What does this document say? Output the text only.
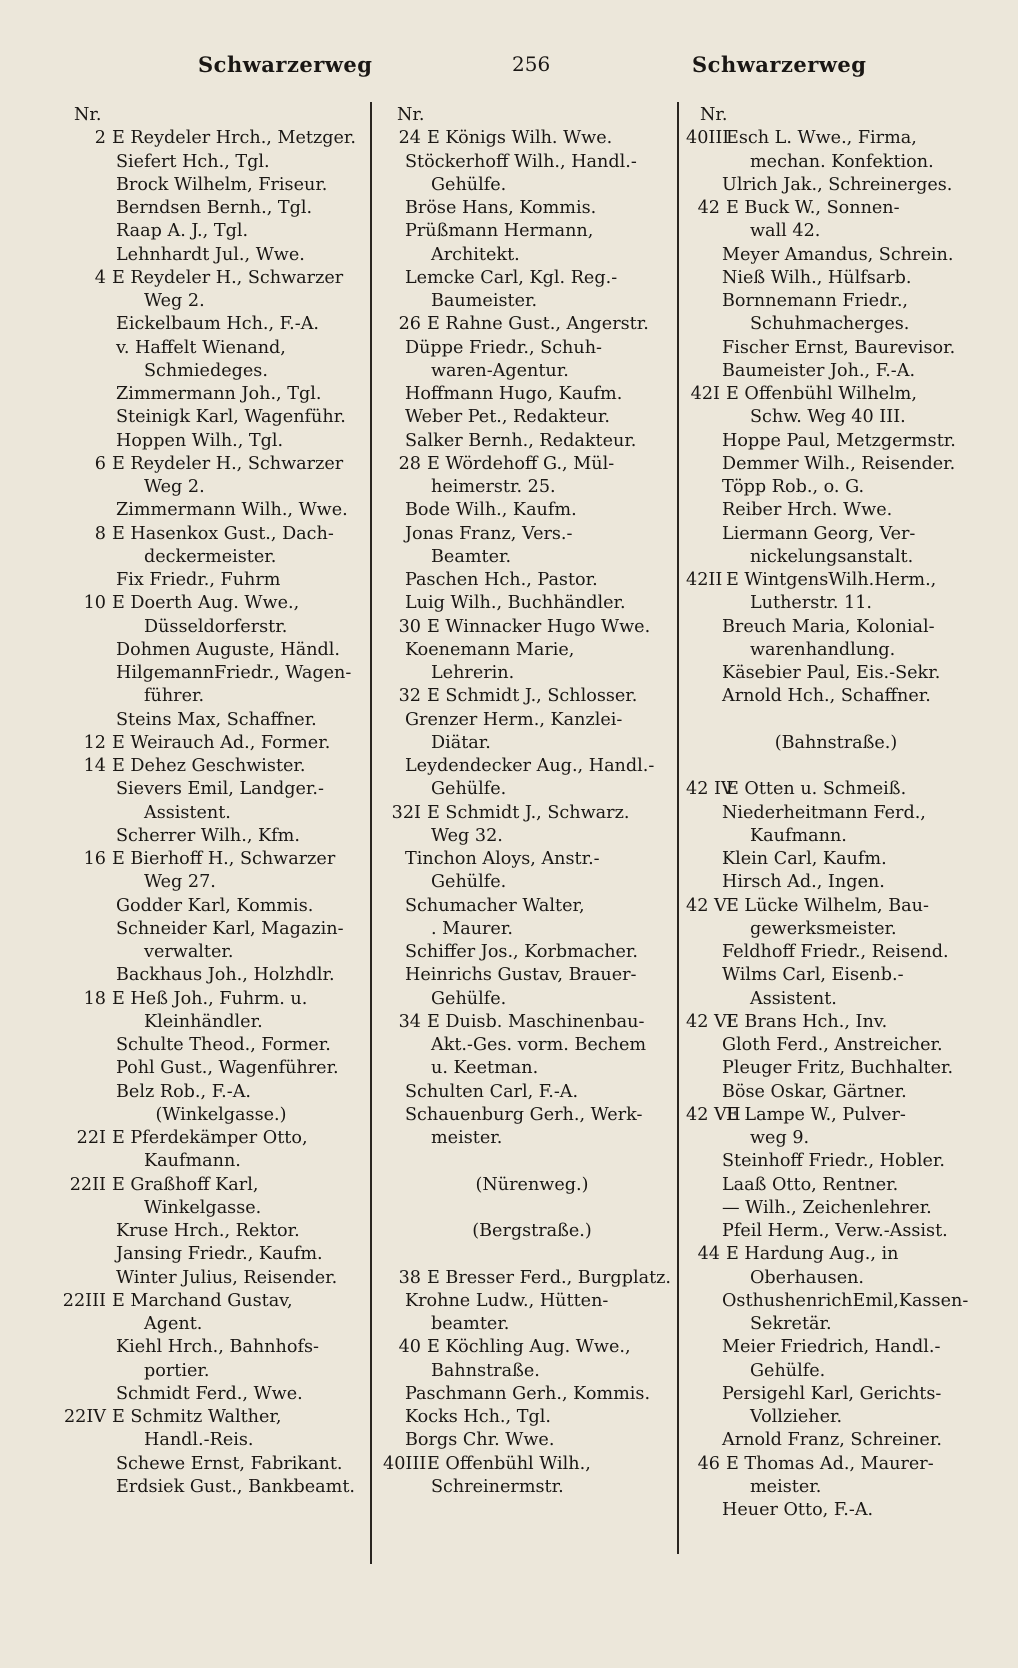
Schwarzerweg	256	Schwarzerweg
Nr.
2 E Reydeler Hrch., Metzger.
Siefert Hch., Tgl.
Brock Wilhelm, Friseur.
Berndsen Bernh., Tgl.
Raap A. J., Tgl.
Lehnhardt Jul., Wwe.
4 E Reydeler H., Schwarzer
Weg 2.
Eickelbaum Hch., F.-A.
v. Haffelt Wienand,
Schmiedeges.
Zimmermann Joh., Tgl.
Steinigk Karl, Wagenführ.
Hoppen Wilh., Tgl.
6 E Reydeler H., Schwarzer
Weg 2.
Zimmermann Wilh., Wwe.
8 E Hasenkox Gust., Dach-
deckermeister.
Fix Friedr., Fuhrm
10 E Doerth Aug. Wwe.,
Düsseldorferstr.
Dohmen Auguste, Händl.
HilgemannFriedr., Wagen-
führer.
Steins Max, Schaffner.
12 E Weirauch Ad., Former.
14 E Dehez Geschwister.
Sievers Emil, Landger.-
Assistent.
Scherrer Wilh., Kfm.
16 E Bierhoff H., Schwarzer
Weg 27.
Godder Karl, Kommis.
Schneider Karl, Magazin-
verwalter.
Backhaus Joh., Holzhdlr.
18 E Heß Joh., Fuhrm. u.
Kleinhändler.
Schulte Theod., Former.
Pohl Gust., Wagenführer.
Belz Rob., F.-A.
(Winkelgasse.)
22I E Pferdekämper Otto,
Kaufmann.
22II E Graßhoff Karl,
Winkelgasse.
Kruse Hrch., Rektor.
Jansing Friedr., Kaufm.
Winter Julius, Reisender.
22III E Marchand Gustav,
Agent.
Kiehl Hrch., Bahnhofs-
portier.
Schmidt Ferd., Wwe.
22IV E Schmitz Walther,
Handl.-Reis.
Schewe Ernst, Fabrikant.
Erdsiek Gust., Bankbeamt.
Nr.
24 E Königs Wilh. Wwe.
Stöckerhoff Wilh., Handl.-
Gehülfe.
Bröse Hans, Kommis.
Prüßmann Hermann,
Architekt.
Lemcke Carl, Kgl. Reg.-
Baumeister.
26 E Rahne Gust., Angerstr.
Düppe Friedr., Schuh-
waren-Agentur.
Hoffmann Hugo, Kaufm.
Weber Pet., Redakteur.
Salker Bernh., Redakteur.
28 E Wördehoff G., Mül-
heimerstr. 25.
Bode Wilh., Kaufm.
Jonas Franz, Vers.-
Beamter.
Paschen Hch., Pastor.
Luig Wilh., Buchhändler.
30 E Winnacker Hugo Wwe.
Koenemann Marie,
Lehrerin.
32 E Schmidt J., Schlosser.
Grenzer Herm., Kanzlei-
Diätar.
Leydendecker Aug., Handl.-
Gehülfe.
32I E Schmidt J., Schwarz.
Weg 32.
Tinchon Aloys, Anstr.-
Gehülfe.
Schumacher Walter,
. Maurer.
Schiffer Jos., Korbmacher.
Heinrichs Gustav, Brauer-
Gehülfe.
34 E Duisb. Maschinenbau-
Akt.-Ges. vorm. Bechem
u. Keetman.
Schulten Carl, F.-A.
Schauenburg Gerh., Werk-
meister.
(Nürenweg.)
(Bergstraße.)
38 E Bresser Ferd., Burgplatz.
Krohne Ludw., Hütten-
beamter.
40 E Köchling Aug. Wwe.,
Bahnstraße.
Paschmann Gerh., Kommis.
Kocks Hch., Tgl.
Borgs Chr. Wwe.
40IIIE Offenbühl Wilh.,
Schreinermstr.
Nr.
40IIIEsch L. Wwe., Firma,
mechan. Konfektion.
Ulrich Jak., Schreinerges.
42 E Buck W., Sonnen-
wall 42.
Meyer Amandus, Schrein.
Nieß Wilh., Hülfsarb.
Bornnemann Friedr.,
Schuhmacherges.
Fischer Ernst, Baurevisor.
Baumeister Joh., F.-A.
42I E Offenbühl Wilhelm,
Schw. Weg 40 III.
Hoppe Paul, Metzgermstr.
Demmer Wilh., Reisender.
Töpp Rob., o. G.
Reiber Hrch. Wwe.
Liermann Georg, Ver-
nickelungsanstalt.
42II E WintgensWilh.Herm.,
Lutherstr. 11.
Breuch Maria, Kolonial-
warenhandlung.
Käsebier Paul, Eis.-Sekr.
Arnold Hch., Schaffner.
(Bahnstraße.)
42 IVE Otten u. Schmeiß.
Niederheitmann Ferd.,
Kaufmann.
Klein Carl, Kaufm.
Hirsch Ad., Ingen.
42 VE Lücke Wilhelm, Bau-
gewerksmeister.
Feldhoff Friedr., Reisend.
Wilms Carl, Eisenb.-
Assistent.
42 VIE Brans Hch., Inv.
Gloth Ferd., Anstreicher.
Pleuger Fritz, Buchhalter.
Böse Oskar, Gärtner.
42 VIIE Lampe W., Pulver-
weg 9.
Steinhoff Friedr., Hobler.
Laaß Otto, Rentner.
— Wilh., Zeichenlehrer.
Pfeil Herm., Verw.-Assist.
44 E Hardung Aug., in
Oberhausen.
OsthushenrichEmil,Kassen-
Sekretär.
Meier Friedrich, Handl.-
Gehülfe.
Persigehl Karl, Gerichts-
Vollzieher.
Arnold Franz, Schreiner.
46 E Thomas Ad., Maurer-
meister.
Heuer Otto, F.-A.
